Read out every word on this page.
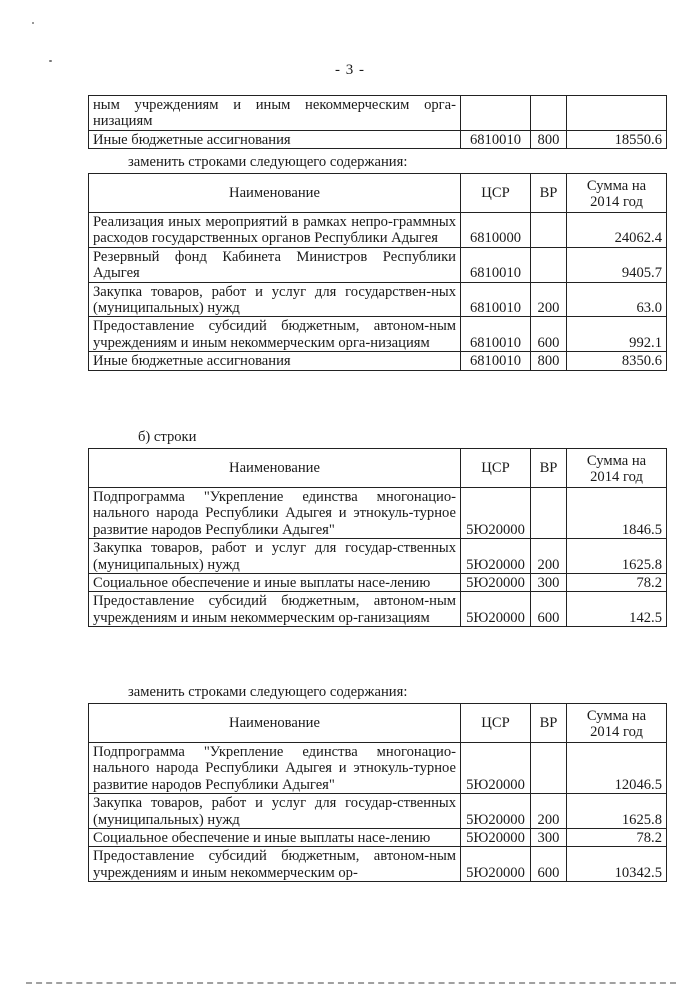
- 3 -
ным учреждениям и иным некоммерческим орга-низациям			
Иные бюджетные ассигнования	6810010	800	18550.6
заменить строками следующего содержания:
Наименование	ЦСР	ВР	Сумма на
2014 год
Реализация иных мероприятий в рамках непро-граммных расходов государственных органов Республики Адыгея	6810000		24062.4
Резервный фонд Кабинета Министров Республики Адыгея	6810010		9405.7
Закупка товаров, работ и услуг для государствен-ных (муниципальных) нужд	6810010	200	63.0
Предоставление субсидий бюджетным, автоном-ным учреждениям и иным некоммерческим орга-низациям	6810010	600	992.1
Иные бюджетные ассигнования	6810010	800	8350.6
б) строки
Наименование	ЦСР	ВР	Сумма на
2014 год
Подпрограмма "Укрепление единства многонацио-нального народа Республики Адыгея и этнокуль-турное развитие народов Республики Адыгея"	5Ю20000		1846.5
Закупка товаров, работ и услуг для государ-ственных (муниципальных) нужд	5Ю20000	200	1625.8
Социальное обеспечение и иные выплаты насе-лению	5Ю20000	300	78.2
Предоставление субсидий бюджетным, автоном-ным учреждениям и иным некоммерческим ор-ганизациям	5Ю20000	600	142.5
заменить строками следующего содержания:
Наименование	ЦСР	ВР	Сумма на
2014 год
Подпрограмма "Укрепление единства многонацио-нального народа Республики Адыгея и этнокуль-турное развитие народов Республики Адыгея"	5Ю20000		12046.5
Закупка товаров, работ и услуг для государ-ственных (муниципальных) нужд	5Ю20000	200	1625.8
Социальное обеспечение и иные выплаты насе-лению	5Ю20000	300	78.2
Предоставление субсидий бюджетным, автоном-ным учреждениям и иным некоммерческим ор-	5Ю20000	600	10342.5
